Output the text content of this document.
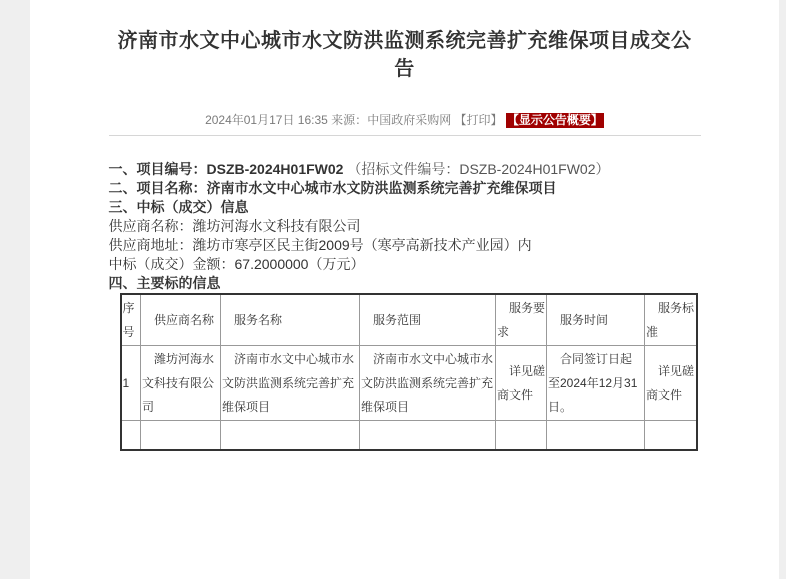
济南市水文中心城市水文防洪监测系统完善扩充维保项目成交公告
2024年01月17日 16:35 来源：中国政府采购网 【打印】 【显示公告概要】

一、项目编号：DSZB-2024H01FW02 （招标文件编号：DSZB-2024H01FW02）

二、项目名称：济南市水文中心城市水文防洪监测系统完善扩充维保项目

三、中标（成交）信息

供应商名称：潍坊河海水文科技有限公司

供应商地址：潍坊市寒亭区民主街2009号（寒亭高新技术产业园）内

中标（成交）金额：67.2000000（万元）

四、主要标的信息

序号	供应商名称	服务名称	服务范围	服务要求	服务时间	服务标准
1	潍坊河海水文科技有限公司	济南市水文中心城市水文防洪监测系统完善扩充维保项目	济南市水文中心城市水文防洪监测系统完善扩充维保项目	详见磋商文件	合同签订日起至2024年12月31日。	详见磋商文件
